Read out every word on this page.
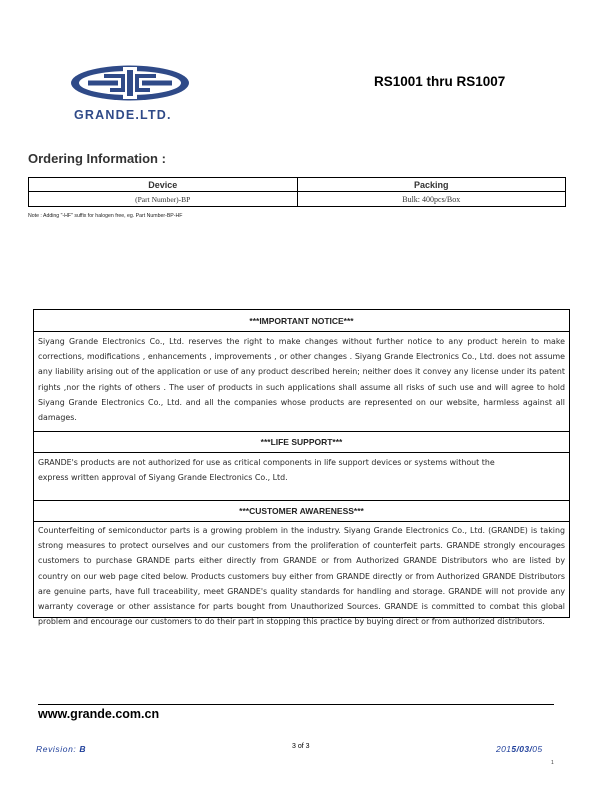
GRANDE.LTD.
RS1001 thru RS1007
Ordering Information :
Device	Packing
(Part Number)-BP	Bulk: 400pcs/Box
Note : Adding "-HF" suffix for halogen free, eg. Part Number-BP-HF
***IMPORTANT NOTICE***
Siyang Grande Electronics Co., Ltd. reserves the right to make changes without further notice to any product herein to make corrections, modifications , enhancements , improvements , or other changes . Siyang Grande Electronics Co., Ltd. does not assume any liability arising out of the application or use of any product described herein; neither does it convey any license under its patent rights ,nor the rights of others . The user of products in such applications shall assume all risks of such use and will agree to hold Siyang Grande Electronics Co., Ltd. and all the companies whose products are represented on our website, harmless against all damages.
***LIFE SUPPORT***
GRANDE's products are not authorized for use as critical components in life support devices or systems without the
express written approval of Siyang Grande Electronics Co., Ltd.
***CUSTOMER AWARENESS***
Counterfeiting of semiconductor parts is a growing problem in the industry. Siyang Grande Electronics Co., Ltd. (GRANDE) is taking strong measures to protect ourselves and our customers from the proliferation of counterfeit parts. GRANDE strongly encourages customers to purchase GRANDE parts either directly from GRANDE or from Authorized GRANDE Distributors who are listed by country on our web page cited below. Products customers buy either from GRANDE directly or from Authorized GRANDE Distributors are genuine parts, have full traceability, meet GRANDE's quality standards for handling and storage. GRANDE will not provide any warranty coverage or other assistance for parts bought from Unauthorized Sources. GRANDE is committed to combat this global problem and encourage our customers to do their part in stopping this practice by buying direct or from authorized distributors.
www.grande.com.cn
Revision: B	3 of 3	2015/03/05
1
